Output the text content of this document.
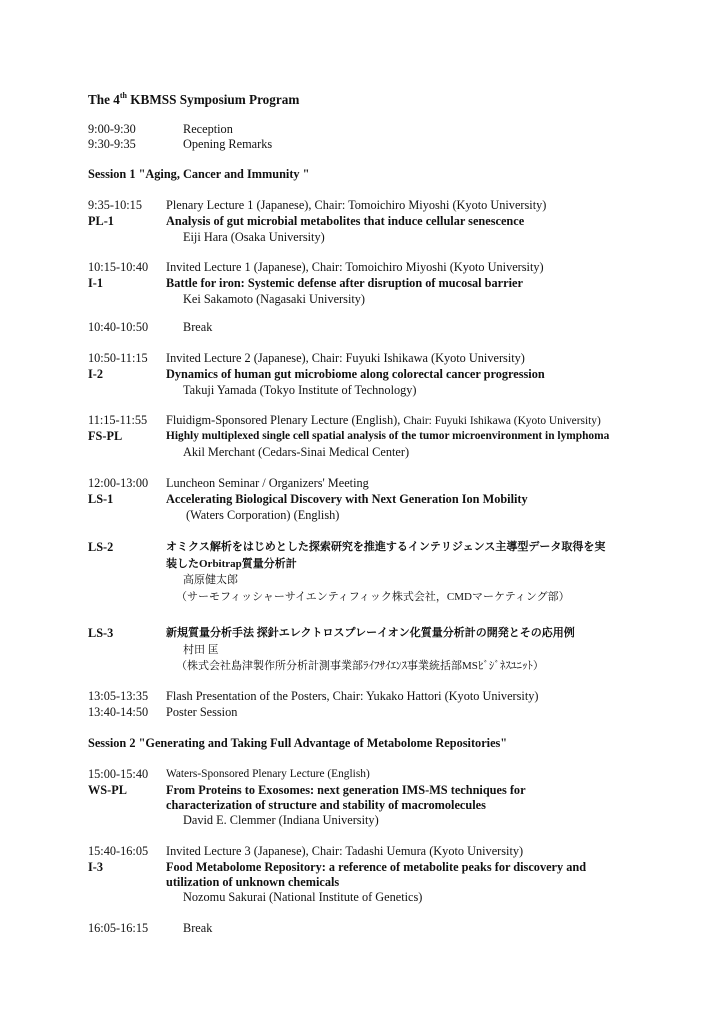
The 4th KBMSS Symposium Program
9:00-9:30	Reception
9:30-9:35	Opening Remarks
Session 1 "Aging, Cancer and Immunity "
9:35-10:15 Plenary Lecture 1 (Japanese), Chair: Tomoichiro Miyoshi (Kyoto University)
PL-1	Analysis of gut microbial metabolites that induce cellular senescence
Eiji Hara (Osaka University)
10:15-10:40 Invited Lecture 1 (Japanese), Chair: Tomoichiro Miyoshi (Kyoto University)
I-1	Battle for iron: Systemic defense after disruption of mucosal barrier
Kei Sakamoto (Nagasaki University)
10:40-10:50	Break
10:50-11:15 Invited Lecture 2 (Japanese), Chair: Fuyuki Ishikawa (Kyoto University)
I-2	Dynamics of human gut microbiome along colorectal cancer progression
Takuji Yamada (Tokyo Institute of Technology)
11:15-11:55 Fluidigm-Sponsored Plenary Lecture (English), Chair: Fuyuki Ishikawa (Kyoto University)
FS-PL	Highly multiplexed single cell spatial analysis of the tumor microenvironment in lymphoma
Akil Merchant (Cedars-Sinai Medical Center)
12:00-13:00 Luncheon Seminar / Organizers' Meeting
LS-1	Accelerating Biological Discovery with Next Generation Ion Mobility
(Waters Corporation) (English)
LS-2	オミクス解析をはじめとした探索研究を推進するインテリジェンス主導型データ取得を実
装したOrbitrap質量分析計
高原健太郎
（サーモフィッシャーサイエンティフィック株式会社，CMDマーケティング部）
LS-3	新規質量分析手法 探針エレクトロスプレーイオン化質量分析計の開発とその応用例
村田 匡
（株式会社島津製作所分析計測事業部ﾗｲﾌｻｲｴﾝｽ事業統括部MSﾋﾞｼﾞﾈｽﾕﾆｯﾄ）
13:05-13:35 Flash Presentation of the Posters, Chair: Yukako Hattori (Kyoto University)
13:40-14:50 Poster Session
Session 2 "Generating and Taking Full Advantage of Metabolome Repositories"
15:00-15:40 Waters-Sponsored Plenary Lecture (English)
WS-PL	From Proteins to Exosomes: next generation IMS-MS techniques for
characterization of structure and stability of macromolecules
David E. Clemmer (Indiana University)
15:40-16:05 Invited Lecture 3 (Japanese), Chair: Tadashi Uemura (Kyoto University)
I-3	Food Metabolome Repository: a reference of metabolite peaks for discovery and
utilization of unknown chemicals
Nozomu Sakurai (National Institute of Genetics)
16:05-16:15	Break
